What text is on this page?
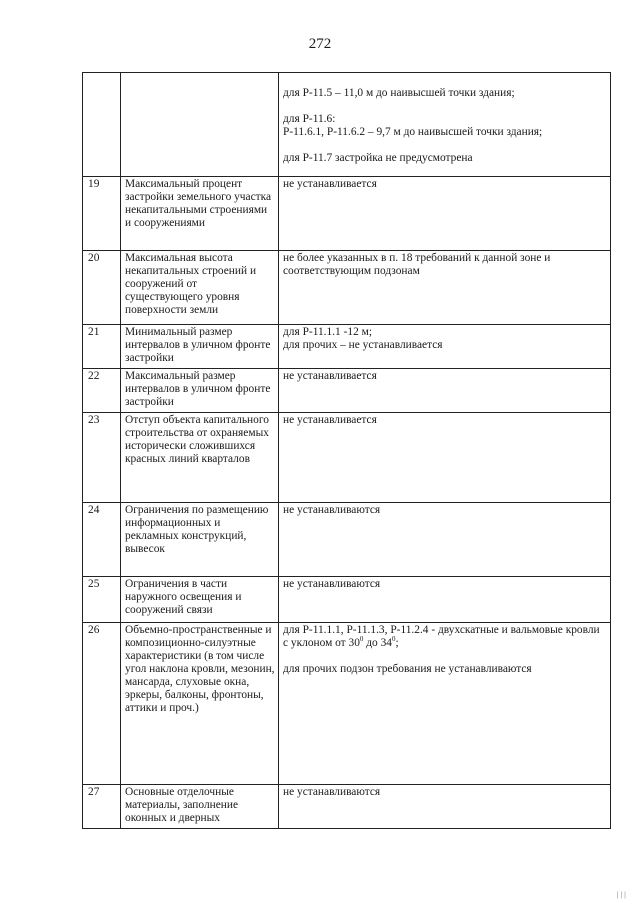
272

		для Р-11.5 – 11,0 м до наивысшей точки здания;
для Р-11.6:
Р-11.6.1, Р-11.6.2 – 9,7 м до наивысшей точки здания;
для Р-11.7 застройка не предусмотрена

19	Максимальный процент застройки земельного участка некапитальными строениями и сооружениями	не устанавливается
20	Максимальная высота некапитальных строений и сооружений от существующего уровня поверхности земли	не более указанных в п. 18 требований к данной зоне и соответствующим подзонам
21	Минимальный размер интервалов в уличном фронте застройки	для Р-11.1.1 -12 м;
для прочих – не устанавливается

22	Максимальный размер интервалов в уличном фронте застройки	не устанавливается
23	Отступ объекта капитального строительства от охраняемых исторически сложившихся красных линий кварталов	не устанавливается
24	Ограничения по размещению информационных и рекламных конструкций, вывесок	не устанавливаются
25	Ограничения в части наружного освещения и сооружений связи	не устанавливаются
26	Объемно-пространственные и композиционно-силуэтные характеристики (в том числе угол наклона кровли, мезонин, мансарда, слуховые окна, эркеры, балконы, фронтоны, аттики и проч.)	для Р-11.1.1, Р-11.1.3, Р-11.2.4 - двухскатные и вальмовые кровли с уклоном от $30^0$ до $34^0$;
для прочих подзон требования не устанавливаются

27	Основные отделочные материалы, заполнение оконных и дверных	не устанавливаются
| | |
